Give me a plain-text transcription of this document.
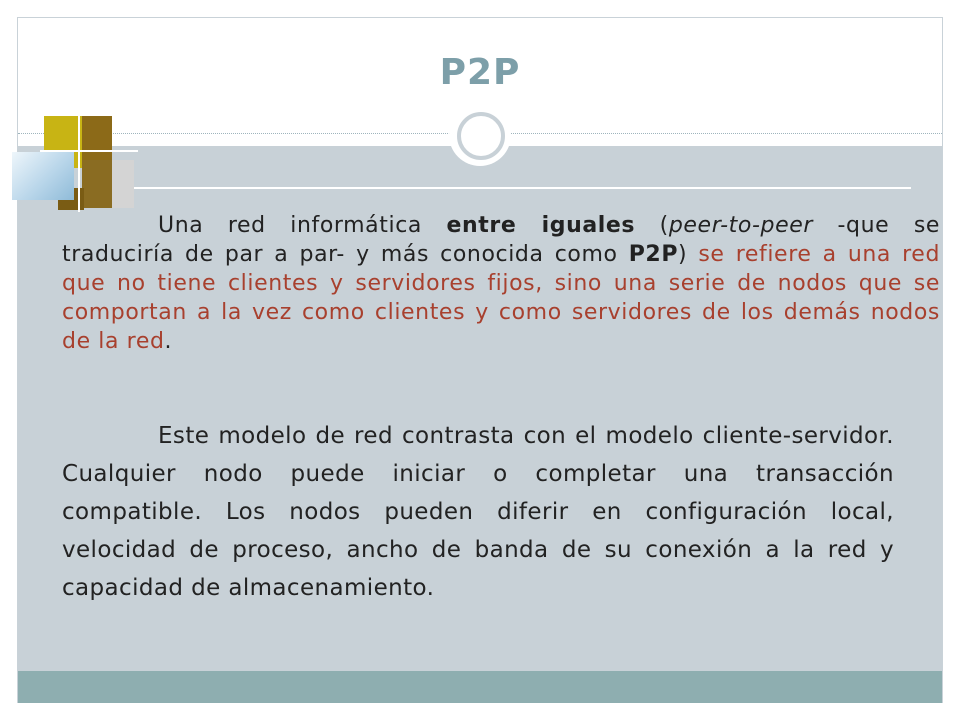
P2P
Una red informática entre iguales (peer-to-peer -que se traduciría de par a par- y más conocida como P2P) se refiere a una red que no tiene clientes y servidores fijos, sino una serie de nodos que se comportan a la vez como clientes y como servidores de los demás nodos de la red.
Este modelo de red contrasta con el modelo cliente-servidor. Cualquier nodo puede iniciar o completar una transacción compatible. Los nodos pueden diferir en configuración local, velocidad de proceso, ancho de banda de su conexión a la red y capacidad de almacenamiento.
